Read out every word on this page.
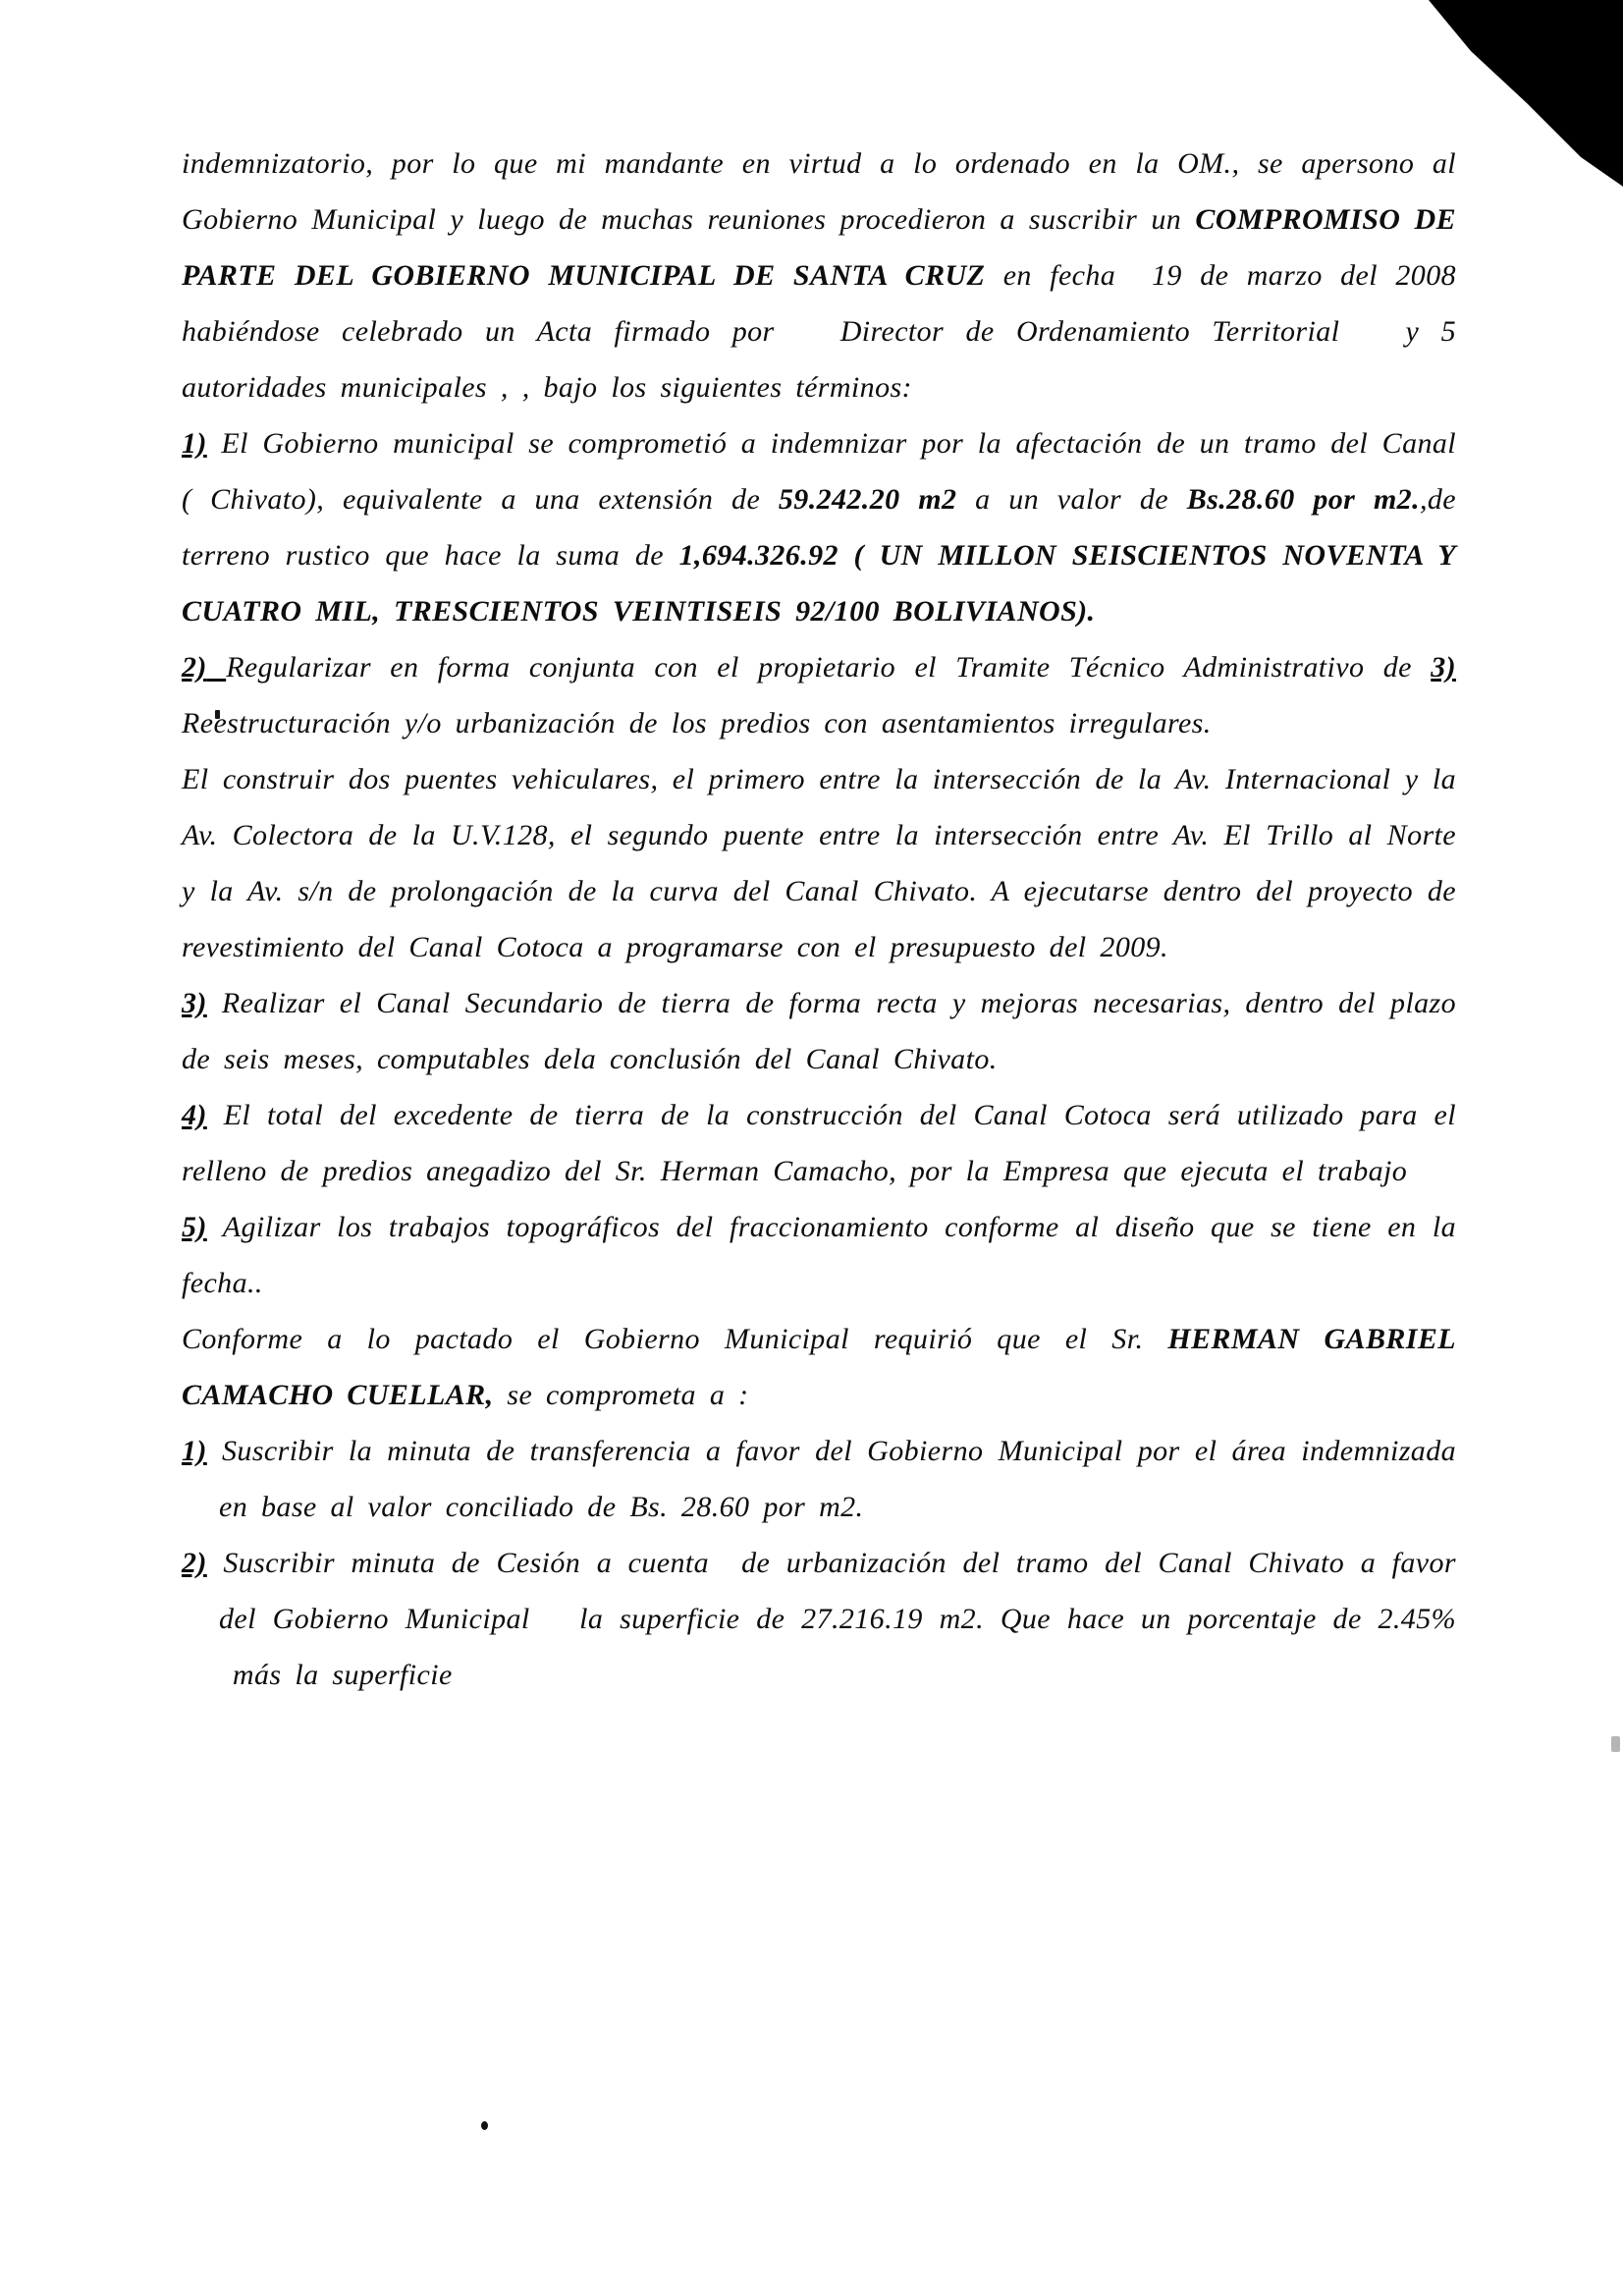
indemnizatorio, por lo que mi mandante en virtud a lo ordenado en la OM., se apersono al Gobierno Municipal y luego de muchas reuniones procedieron a suscribir un COMPROMISO DE PARTE DEL GOBIERNO MUNICIPAL DE SANTA CRUZ en fecha  19 de marzo del 2008 habiéndose celebrado un Acta firmado por   Director de Ordenamiento Territorial   y 5 autoridades municipales , , bajo los siguientes términos:

1) El Gobierno municipal se comprometió a indemnizar por la afectación de un tramo del Canal ( Chivato), equivalente a una extensión de 59.242.20 m2 a un valor de Bs.28.60 por m2.,de terreno rustico que hace la suma de 1,694.326.92 ( UN MILLON SEISCIENTOS NOVENTA Y CUATRO MIL, TRESCIENTOS VEINTISEIS 92/100 BOLIVIANOS).

2) Regularizar en forma conjunta con el propietario el Tramite Técnico Administrativo de 3) Reestructuración y/o urbanización de los predios con asentamientos irregulares.

El construir dos puentes vehiculares, el primero entre la intersección de la Av. Internacional y la Av. Colectora de la U.V.128, el segundo puente entre la intersección entre Av. El Trillo al Norte y la Av. s/n de prolongación de la curva del Canal Chivato. A ejecutarse dentro del proyecto de revestimiento del Canal Cotoca a programarse con el presupuesto del 2009.

3) Realizar el Canal Secundario de tierra de forma recta y mejoras necesarias, dentro del plazo de seis meses, computables dela conclusión del Canal Chivato.

4) El total del excedente de tierra de la construcción del Canal Cotoca será utilizado para el relleno de predios anegadizo del Sr. Herman Camacho, por la Empresa que ejecuta el trabajo

5) Agilizar los trabajos topográficos del fraccionamiento conforme al diseño que se tiene en la fecha..

Conforme a lo pactado el Gobierno Municipal requirió que el Sr. HERMAN GABRIEL CAMACHO CUELLAR, se comprometa a :

1) Suscribir la minuta de transferencia a favor del Gobierno Municipal por el área indemnizada en base al valor conciliado de Bs. 28.60 por m2.

2) Suscribir minuta de Cesión a cuenta  de urbanización del tramo del Canal Chivato a favor del Gobierno Municipal   la superficie de 27.216.19 m2. Que hace un porcentaje de 2.45%  más la superficie
